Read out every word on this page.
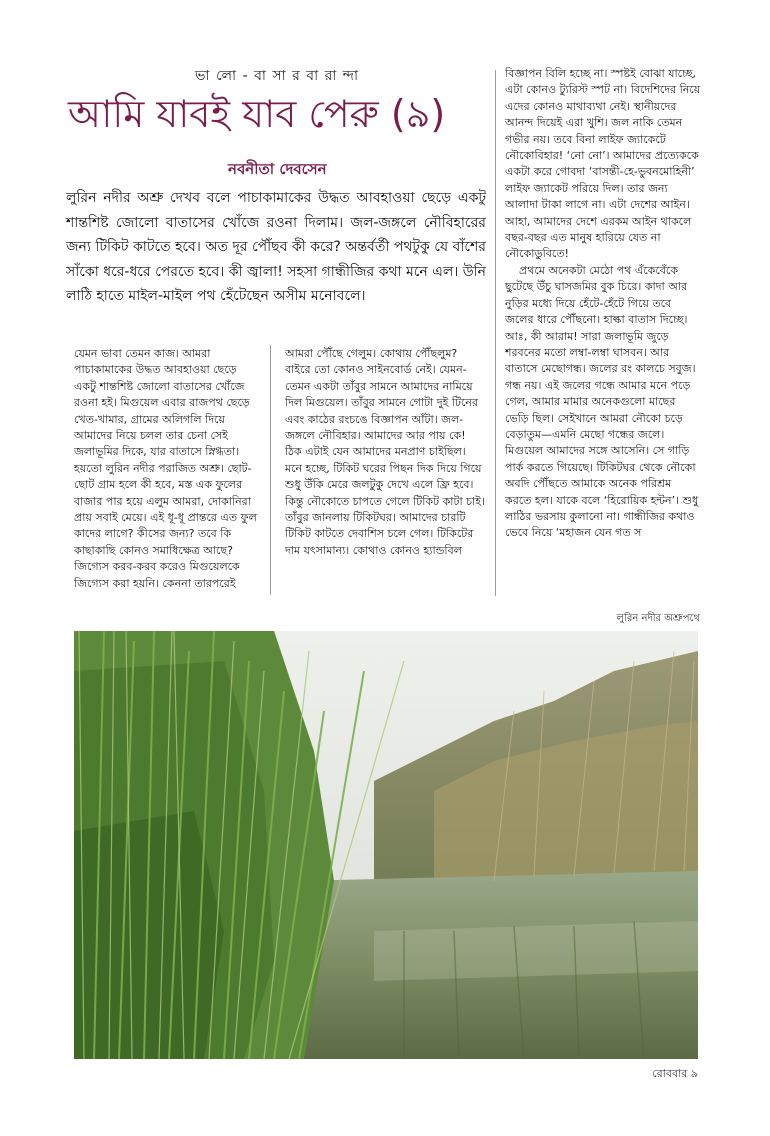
ভা লো - বা সা র বা রা ন্দা
আমি যাবই যাব পেরু (৯)
নবনীতা দেবসেন
লুরিন নদীর অশ্রু দেখব বলে পাচাকামাকের উদ্ধত আবহাওয়া ছেড়ে একটু শান্তশিষ্ট জোলো বাতাসের খোঁজে রওনা দিলাম। জল-জঙ্গলে নৌবিহারের জন্য টিকিট কাটতে হবে। অত দূর পৌঁছব কী করে? অন্তর্বর্তী পথটুকু যে বাঁশের সাঁকো ধরে-ধরে পেরতে হবে। কী জ্বালা! সহসা গান্ধীজির কথা মনে এল। উনি লাঠি হাতে মাইল-মাইল পথ হেঁটেছেন অসীম মনোবলে।

যেমন ভাবা তেমন কাজ। আমরা পাচাকামাকের উদ্ধত আবহাওয়া ছেড়ে একটু শান্তশিষ্ট জোলো বাতাসের খোঁজে রওনা হই। মিগুয়েল এবার রাজপথ ছেড়ে খেত-খামার, গ্রামের অলিগলি দিয়ে আমাদের নিয়ে চলল তার চেনা সেই জলাভূমির দিকে, যার বাতাসে স্নিগ্ধতা। হয়তো লুরিন নদীর পরাজিত অশ্রু। ছোট-ছোট গ্রাম হলে কী হবে, মস্ত এক ফুলের বাজার পার হয়ে এলুম আমরা, দোকানিরা প্রায় সবাই মেয়ে। এই ধূ-ধূ প্রান্তরে এত ফুল কাদের লাগে? কীসের জন্য? তবে কি কাছাকাছি কোনও সমাধিক্ষেত্র আছে? জিগ্যেস করব-করব করেও মিগুয়েলকে জিগ্যেস করা হয়নি। কেননা তারপরেই

আমরা পৌঁছে গেলুম। কোথায় পৌঁছলুম? বাইরে তো কোনও সাইনবোর্ড নেই। যেমন-তেমন একটা তাঁবুর সামনে আমাদের নামিয়ে দিল মিগুয়েল। তাঁবুর সামনে গোটা দুই টিনের এবং কাঠের রংচঙে বিজ্ঞাপন আঁটা। জল-জঙ্গলে নৌবিহার। আমাদের আর পায় কে! ঠিক এটাই যেন আমাদের মনপ্রাণ চাইছিল। মনে হচ্ছে, টিকিট ঘরের পিছন দিক দিয়ে গিয়ে শুধু উঁকি মেরে জলটুকু দেখে এলে ফ্রি হবে। কিন্তু নৌকোতে চাপতে গেলে টিকিট কাটা চাই। তাঁবুর জানলায় টিকিটঘর। আমাদের চারটি টিকিট কাটতে দেবাশিস চলে গেল। টিকিটের দাম যৎসামান্য। কোথাও কোনও হ্যান্ডবিল

বিজ্ঞাপন বিলি হচ্ছে না। স্পষ্টই বোঝা যাচ্ছে, এটা কোনও ট্যুরিস্ট স্পট না। বিদেশিদের নিয়ে এদের কোনও মাথাব্যথা নেই। স্থানীয়দের আনন্দ দিয়েই এরা খুশি। জল নাকি তেমন গভীর নয়। তবে বিনা লাইফ জ্যাকেটে নৌকোবিহার! ‘নো নো’। আমাদের প্রত্যেককে একটা করে গোবদা ‘বাসন্তী-হে-ভুবনমোহিনী’ লাইফ জ্যাকেট পরিয়ে দিল। তার জন্য আলাদা টাকা লাগে না। এটা দেশের আইন। আহা, আমাদের দেশে এরকম আইন থাকলে বছর-বছর এত মানুষ হারিয়ে যেত না নৌকোডুবিতে!

প্রথমে অনেকটা মেঠো পথ এঁকেবেঁকে ছুটেছে উঁচু ঘাসজমির বুক চিরে। কাদা আর নুড়ির মধ্যে দিয়ে হেঁটে-হেঁটে গিয়ে তবে জলের ধারে পৌঁছনো। হাল্কা বাতাস দিচ্ছে। আঃ, কী আরাম! সারা জলাভূমি জুড়ে শরবনের মতো লম্বা-লম্বা ঘাসবন। আর বাতাসে মেছোগন্ধ। জলের রং কালচে সবুজ। গন্ধ নয়। এই জলের গন্ধে আমার মনে পড়ে গেল, আমার মামার অনেকগুলো মাছের ভেড়ি ছিল। সেইখানে আমরা নৌকো চড়ে বেড়াতুম—এমনি মেছো গন্ধের জলে। মিগুয়েল আমাদের সঙ্গে আসেনি। সে গাড়ি পার্ক করতে গিয়েছে। টিকিটঘর থেকে নৌকো অবদি পৌঁছতে আমাকে অনেক পরিশ্রম করতে হল। যাকে বলে ‘হিরোয়িক হন্টন’। শুধু লাঠির ভরসায় কুলানো না। গান্ধীজির কথাও ভেবে নিয়ে ‘মহাজন যেন গত স

লুরিন নদীর অশ্রুপথে
রোববার ৯
